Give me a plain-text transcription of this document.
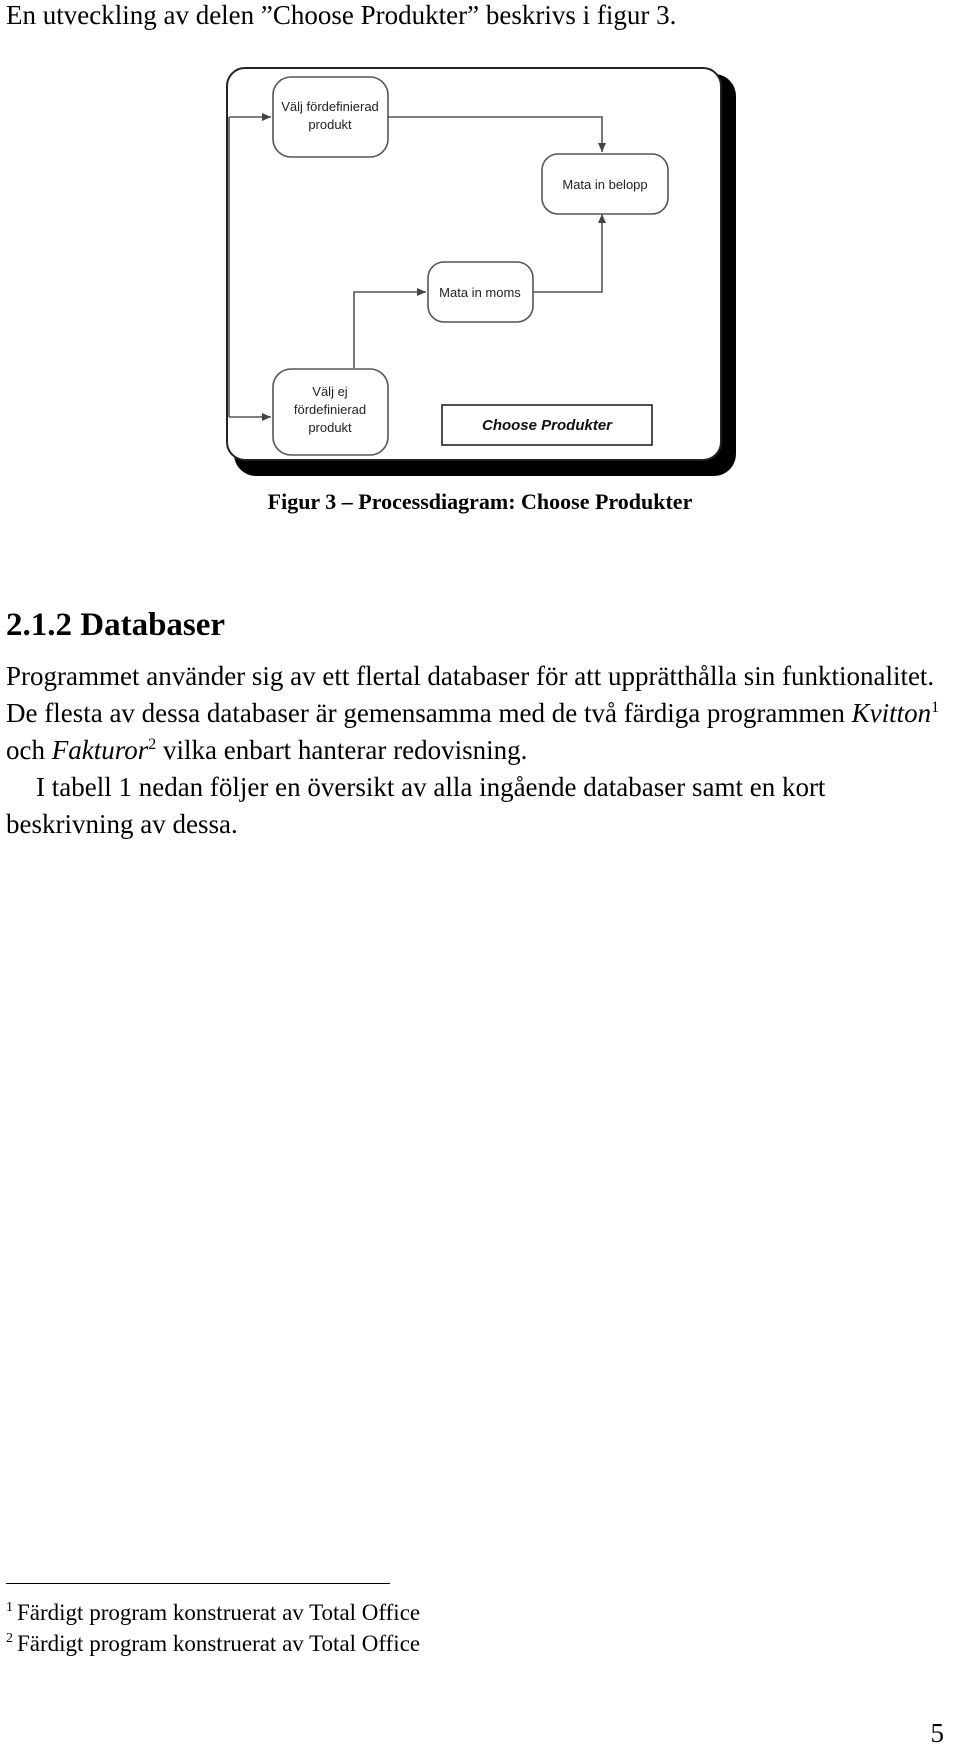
En utveckling av delen ”Choose Produkter” beskrivs i figur 3.
Välj fördefinierad
produkt
Mata in belopp
Mata in moms
Välj ej
fördefinierad
produkt	Choose Produkter
Figur 3 – Processdiagram: Choose Produkter
2.1.2 Databaser

Programmet använder sig av ett flertal databaser för att upprätthålla sin funktionalitet. De flesta av dessa databaser är gemensamma med de två färdiga programmen Kvitton$^1$ och Fakturor$^2$ vilka enbart hanterar redovisning.

I tabell 1 nedan följer en översikt av alla ingående databaser samt en kort beskrivning av dessa.

$^1$ Färdigt program konstruerat av Total Office
$^2$ Färdigt program konstruerat av Total Office
5
